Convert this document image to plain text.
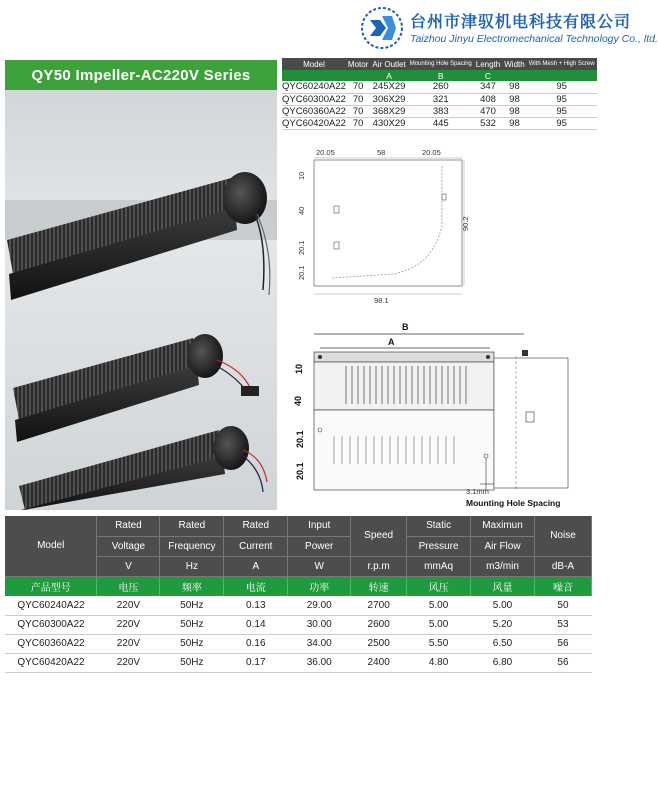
台州市津驭机电科技有限公司
Taizhou Jinyu Electromechanical Technology Co., ltd.
QY50 Impeller-AC220V Series
Model	Motor	Air Outlet	Mounting Hole Spacing	Length	Width	With Mesh + High Screw
		A	B	C		
QYC60240A22	70	245X29	260	347	98	95
QYC60300A22	70	306X29	321	408	98	95
QYC60360A22	70	368X29	383	470	98	95
QYC60420A22	70	430X29	445	532	98	95
20.05	58	20.05
10
40
20.1
20.1
90.2
98.1
B
A
10
40
20.1
20.1
3.1mm
Mounting Hole Spacing
Model	Rated	Rated	Rated	Input	Speed	Static	Maximun	Noise
	Voltage	Frequency	Current	Power		Pressure	Air Flow	
	V	Hz	A	W	r.p.m	mmAq	m3/min	dB-A
产品型号	电压	频率	电流	功率	转速	风压	风量	噪音
QYC60240A22	220V	50Hz	0.13	29.00	2700	5.00	5.00	50
QYC60300A22	220V	50Hz	0.14	30.00	2600	5.00	5.20	53
QYC60360A22	220V	50Hz	0.16	34.00	2500	5.50	6.50	56
QYC60420A22	220V	50Hz	0.17	36.00	2400	4.80	6.80	56
